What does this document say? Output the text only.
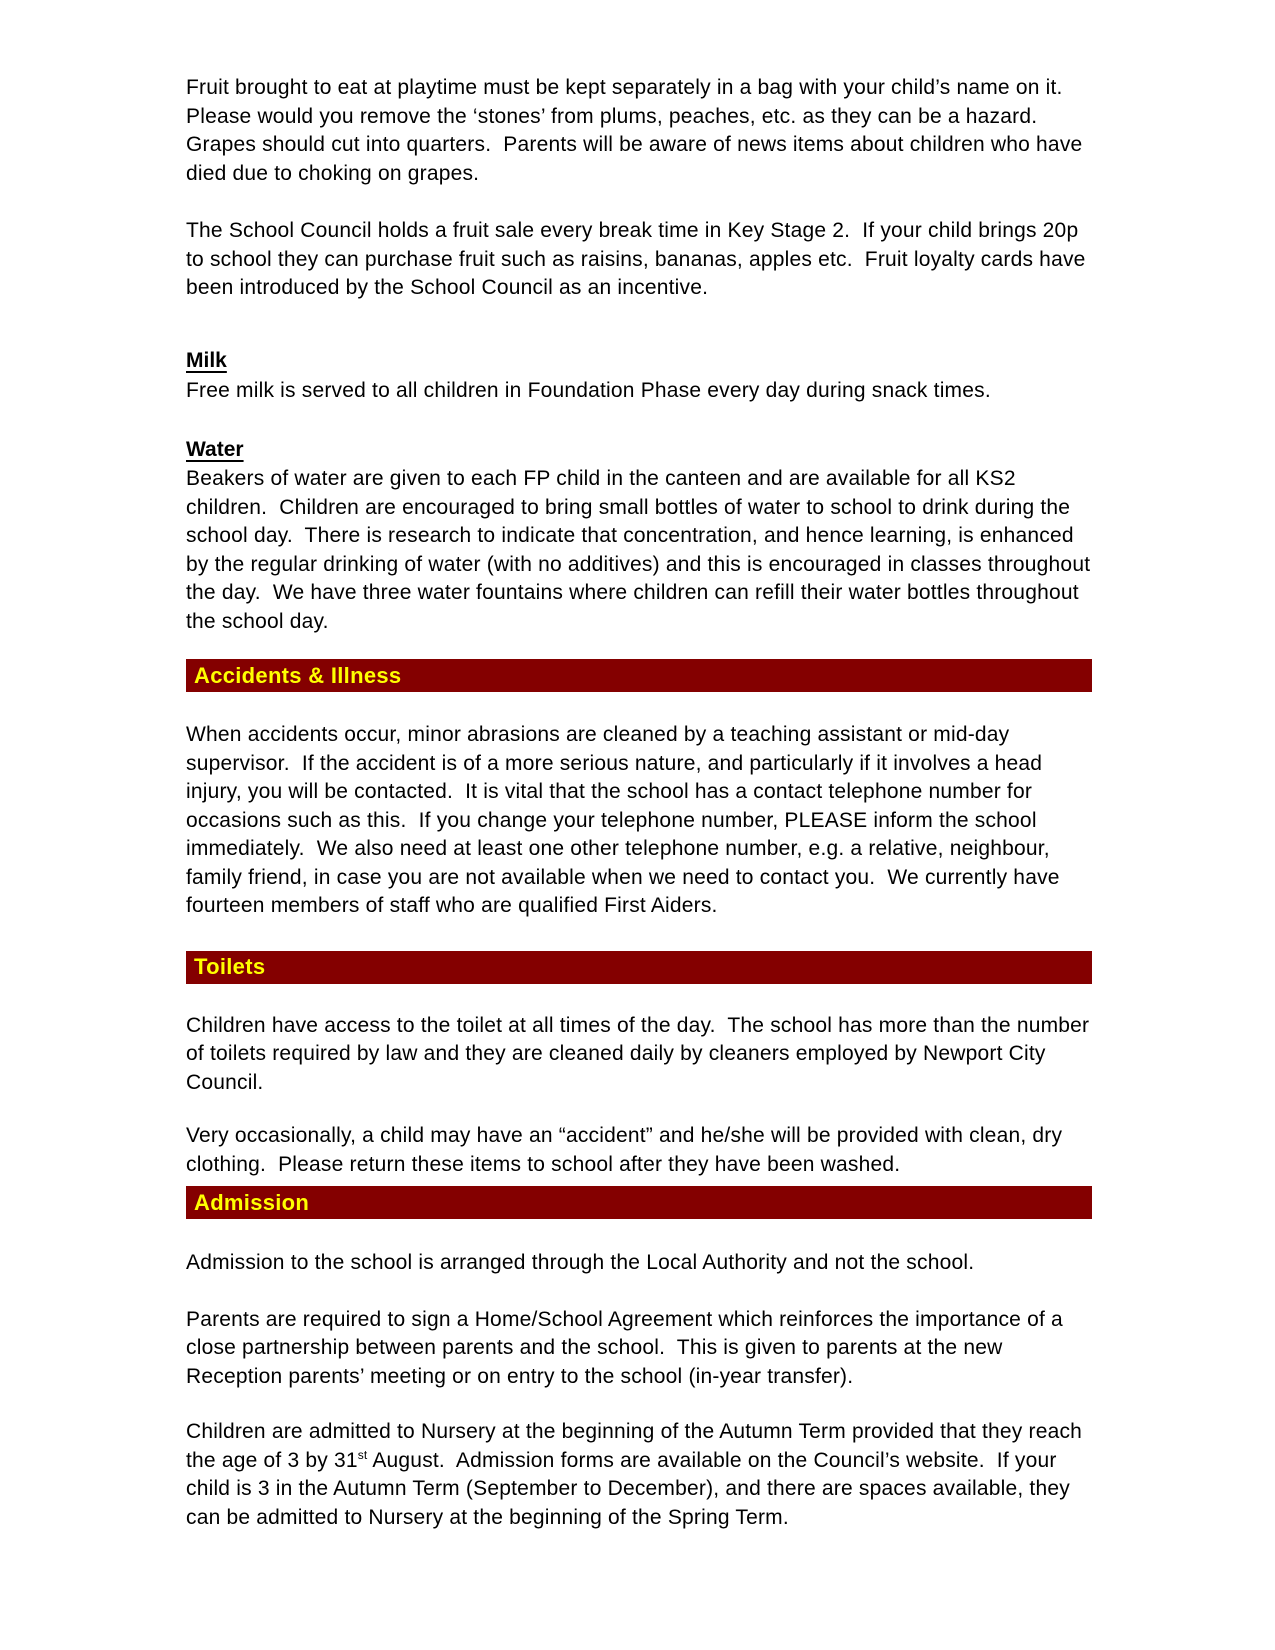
Fruit brought to eat at playtime must be kept separately in a bag with your child’s name on it.  Please would you remove the ‘stones’ from plums, peaches, etc. as they can be a hazard.  Grapes should cut into quarters.  Parents will be aware of news items about children who have died due to choking on grapes.

The School Council holds a fruit sale every break time in Key Stage 2.  If your child brings 20p to school they can purchase fruit such as raisins, bananas, apples etc.  Fruit loyalty cards have been introduced by the School Council as an incentive.

Milk

Free milk is served to all children in Foundation Phase every day during snack times.

Water

Beakers of water are given to each FP child in the canteen and are available for all KS2 children.  Children are encouraged to bring small bottles of water to school to drink during the school day.  There is research to indicate that concentration, and hence learning, is enhanced by the regular drinking of water (with no additives) and this is encouraged in classes throughout the day.  We have three water fountains where children can refill their water bottles throughout the school day.

Accidents & Illness

When accidents occur, minor abrasions are cleaned by a teaching assistant or mid-day supervisor.  If the accident is of a more serious nature, and particularly if it involves a head injury, you will be contacted.  It is vital that the school has a contact telephone number for occasions such as this.  If you change your telephone number, PLEASE inform the school immediately.  We also need at least one other telephone number, e.g. a relative, neighbour, family friend, in case you are not available when we need to contact you.  We currently have fourteen members of staff who are qualified First Aiders.

Toilets

Children have access to the toilet at all times of the day.  The school has more than the number of toilets required by law and they are cleaned daily by cleaners employed by Newport City Council.

Very occasionally, a child may have an “accident” and he/she will be provided with clean, dry clothing.  Please return these items to school after they have been washed.

Admission

Admission to the school is arranged through the Local Authority and not the school.

Parents are required to sign a Home/School Agreement which reinforces the importance of a close partnership between parents and the school.  This is given to parents at the new Reception parents’ meeting or on entry to the school (in-year transfer).

Children are admitted to Nursery at the beginning of the Autumn Term provided that they reach the age of 3 by 31st August.  Admission forms are available on the Council’s website.  If your child is 3 in the Autumn Term (September to December), and there are spaces available, they can be admitted to Nursery at the beginning of the Spring Term.
